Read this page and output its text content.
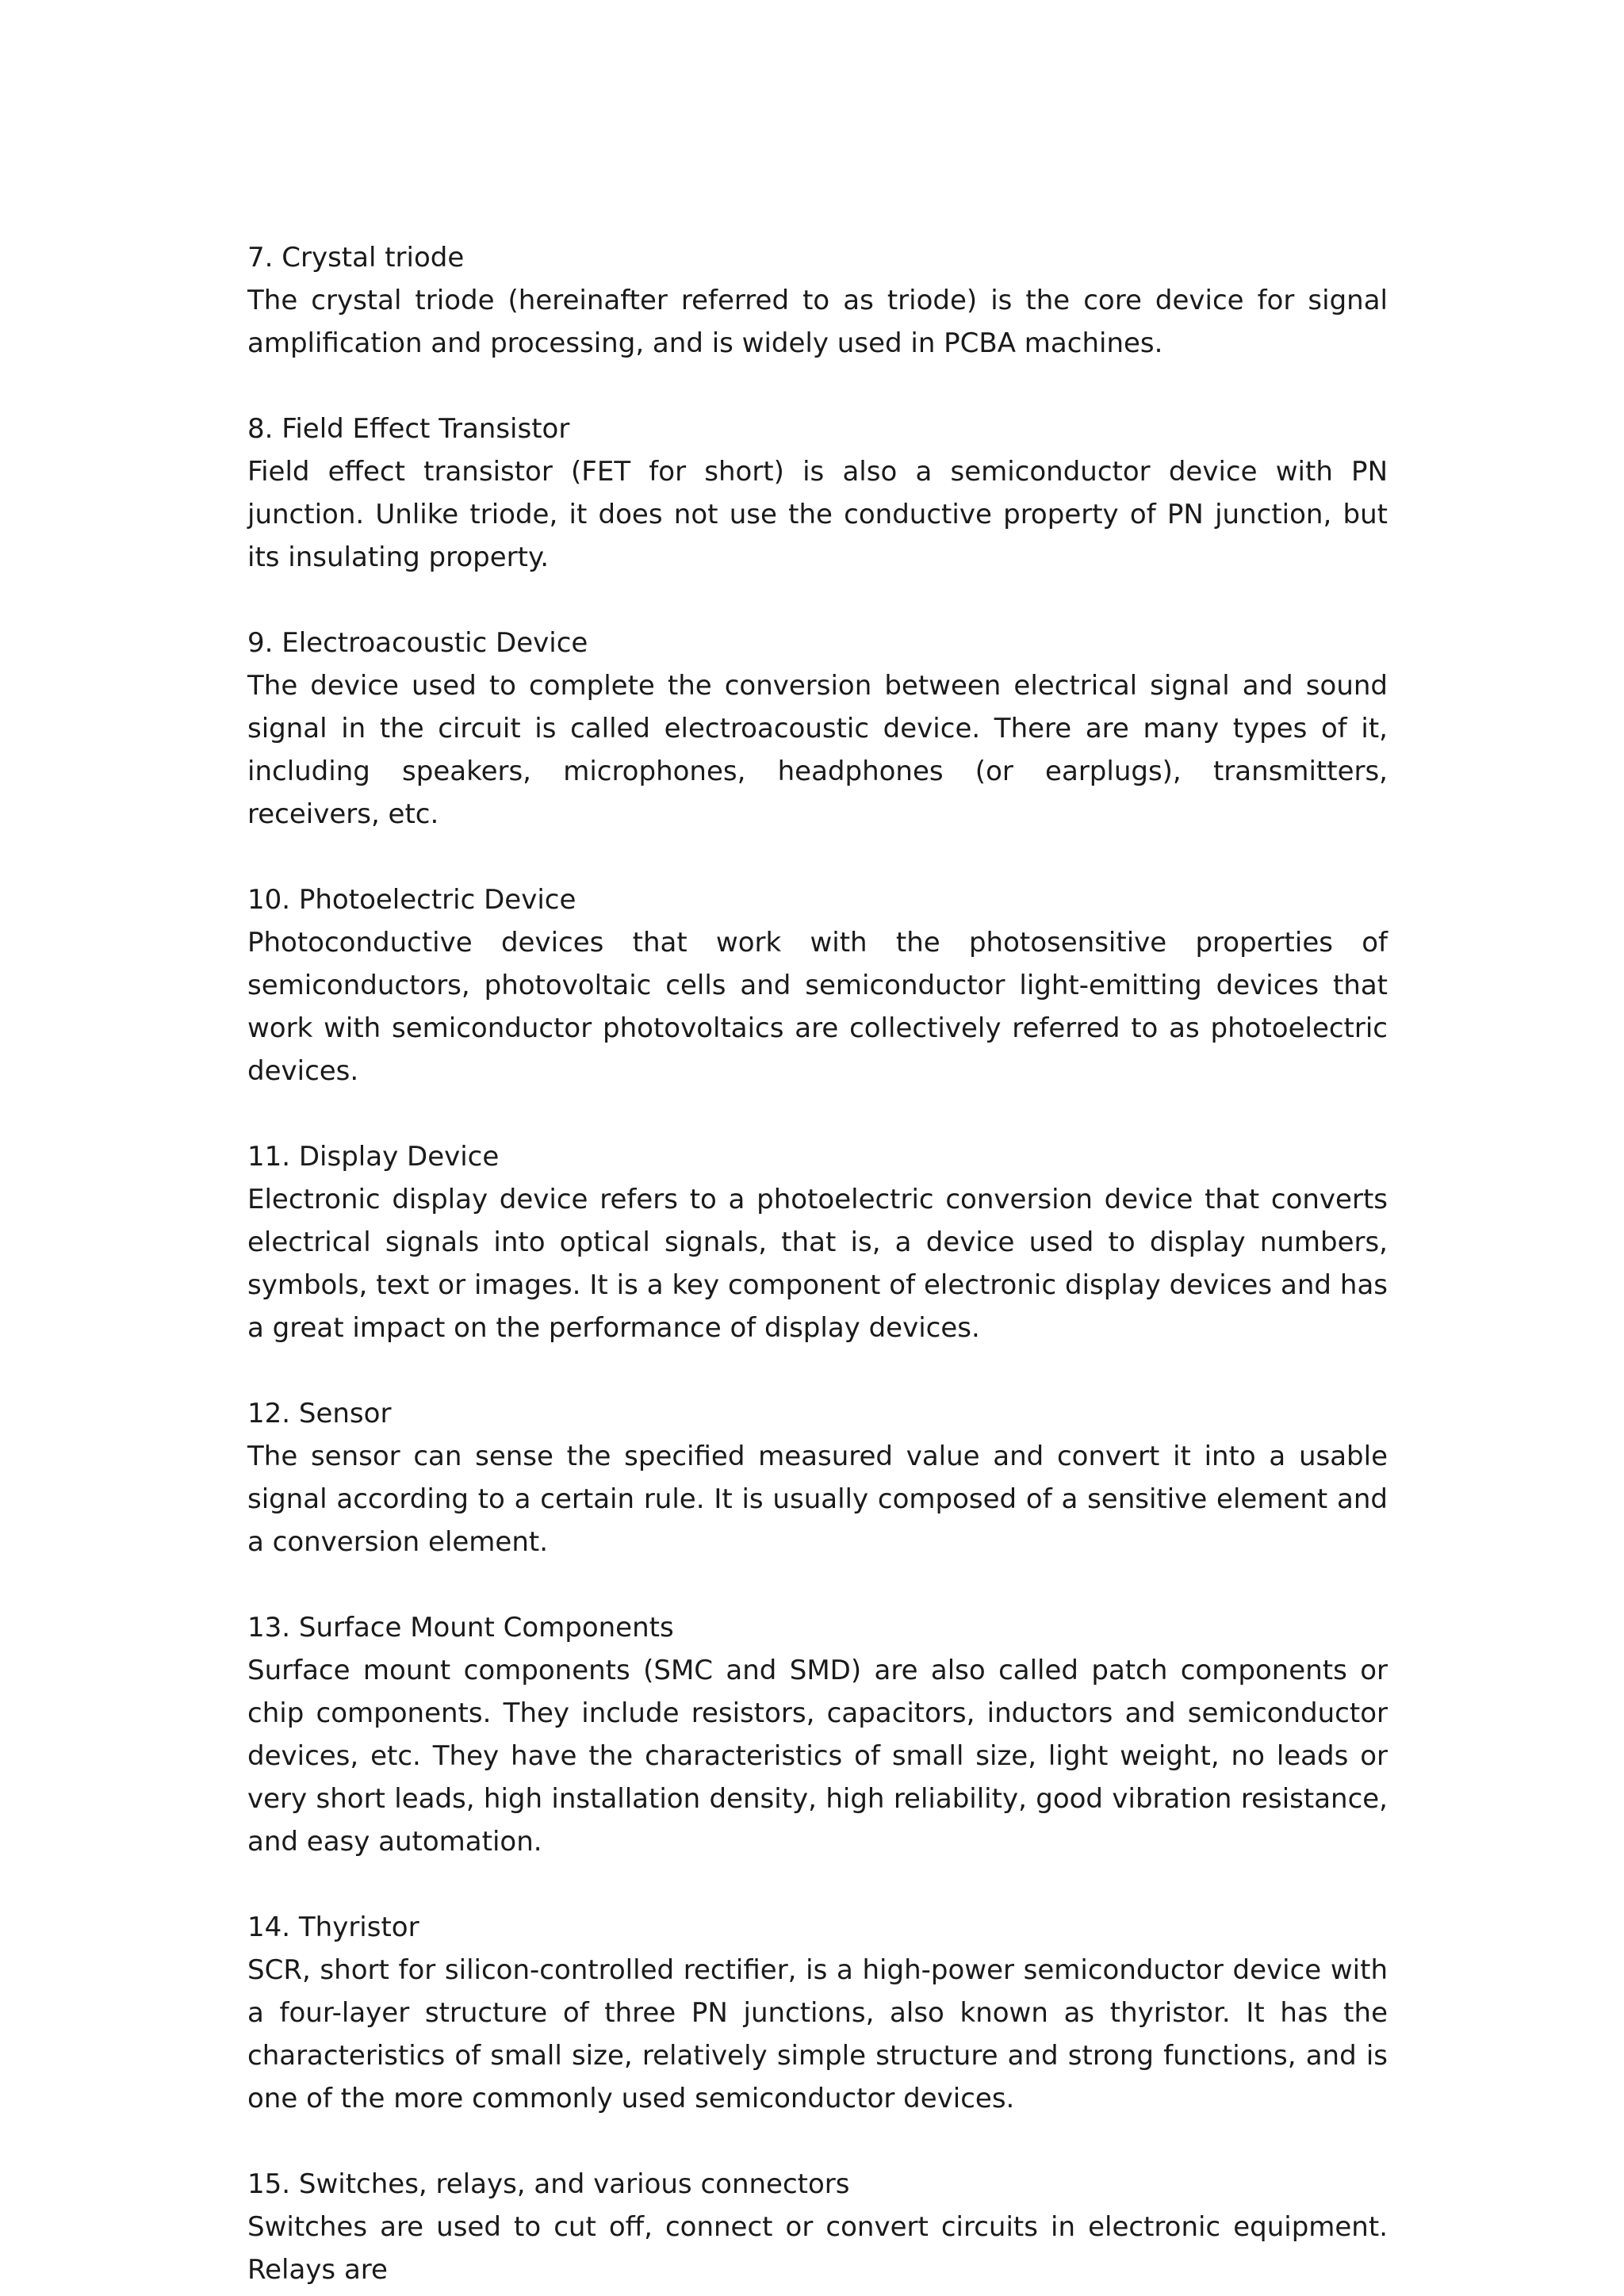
7. Crystal triode

The crystal triode (hereinafter referred to as triode) is the core device for signal amplification and processing, and is widely used in PCBA machines.

8. Field Effect Transistor

Field effect transistor (FET for short) is also a semiconductor device with PN junction. Unlike triode, it does not use the conductive property of PN junction, but its insulating property.

9. Electroacoustic Device

The device used to complete the conversion between electrical signal and sound signal in the circuit is called electroacoustic device. There are many types of it, including speakers, microphones, headphones (or earplugs), transmitters, receivers, etc.

10. Photoelectric Device

Photoconductive devices that work with the photosensitive properties of semiconductors, photovoltaic cells and semiconductor light-emitting devices that work with semiconductor photovoltaics are collectively referred to as photoelectric devices.

11. Display Device

Electronic display device refers to a photoelectric conversion device that converts electrical signals into optical signals, that is, a device used to display numbers, symbols, text or images. It is a key component of electronic display devices and has a great impact on the performance of display devices.

12. Sensor

The sensor can sense the specified measured value and convert it into a usable signal according to a certain rule. It is usually composed of a sensitive element and a conversion element.

13. Surface Mount Components

Surface mount components (SMC and SMD) are also called patch components or chip components. They include resistors, capacitors, inductors and semiconductor devices, etc. They have the characteristics of small size, light weight, no leads or very short leads, high installation density, high reliability, good vibration resistance, and easy automation.

14. Thyristor

SCR, short for silicon-controlled rectifier, is a high-power semiconductor device with a four-layer structure of three PN junctions, also known as thyristor. It has the characteristics of small size, relatively simple structure and strong functions, and is one of the more commonly used semiconductor devices.

15. Switches, relays, and various connectors

Switches are used to cut off, connect or convert circuits in electronic equipment. Relays are
